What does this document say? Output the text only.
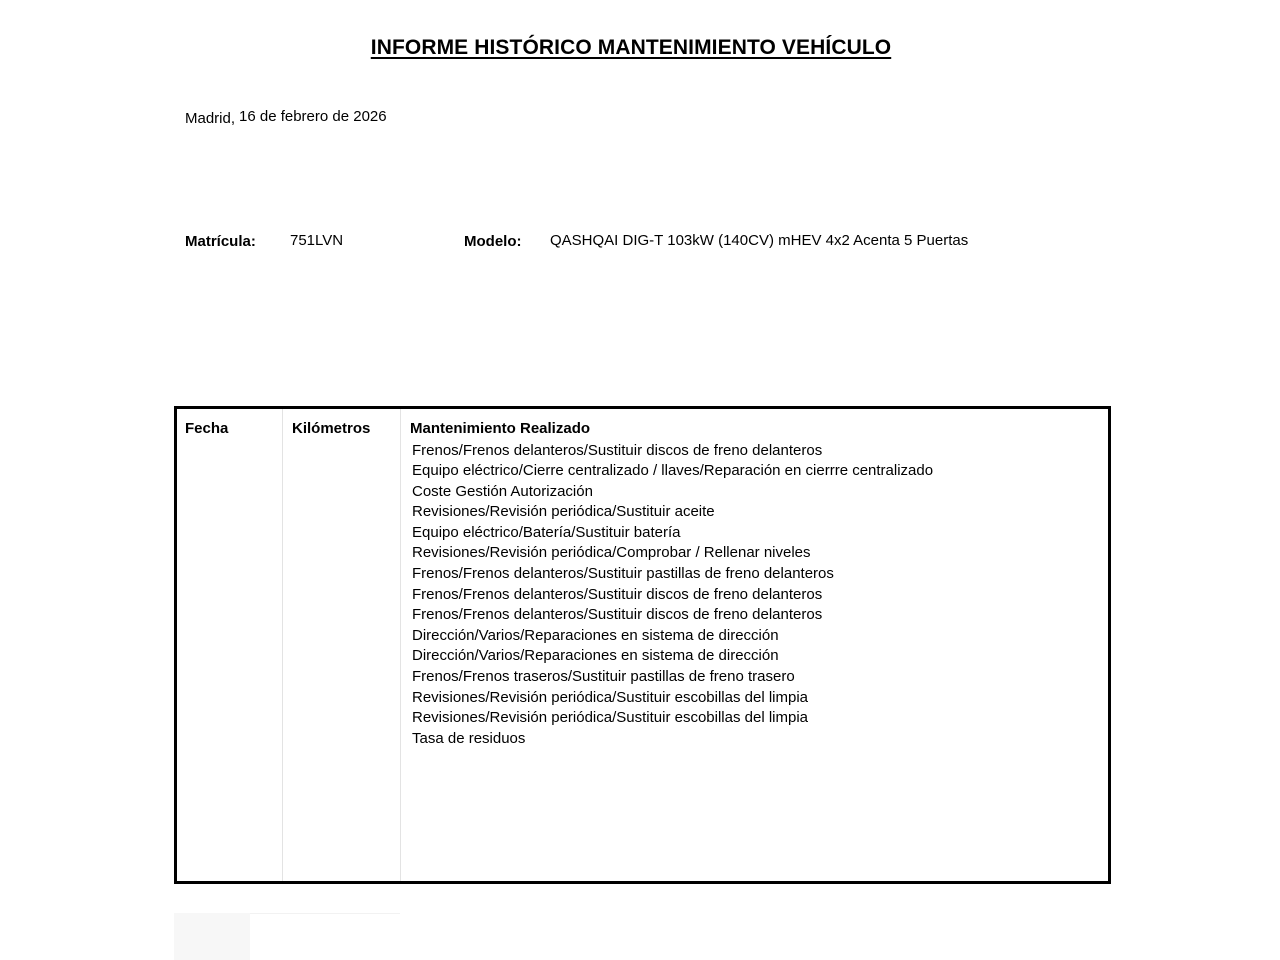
INFORME HISTÓRICO MANTENIMIENTO VEHÍCULO
Madrid, 16 de febrero de 2026
Matrícula: 751LVN	Modelo: QASHQAI DIG-T 103kW (140CV) mHEV 4x2 Acenta 5 Puertas
Fecha	Kilómetros	Mantenimiento Realizado
Frenos/Frenos delanteros/Sustituir discos de freno delanteros
Equipo eléctrico/Cierre centralizado / llaves/Reparación en cierrre centralizado
Coste Gestión Autorización
Revisiones/Revisión periódica/Sustituir aceite
Equipo eléctrico/Batería/Sustituir batería
Revisiones/Revisión periódica/Comprobar / Rellenar niveles
Frenos/Frenos delanteros/Sustituir pastillas de freno delanteros
Frenos/Frenos delanteros/Sustituir discos de freno delanteros
Frenos/Frenos delanteros/Sustituir discos de freno delanteros
Dirección/Varios/Reparaciones en sistema de dirección
Dirección/Varios/Reparaciones en sistema de dirección
Frenos/Frenos traseros/Sustituir pastillas de freno trasero
Revisiones/Revisión periódica/Sustituir escobillas del limpia
Revisiones/Revisión periódica/Sustituir escobillas del limpia
Tasa de residuos
